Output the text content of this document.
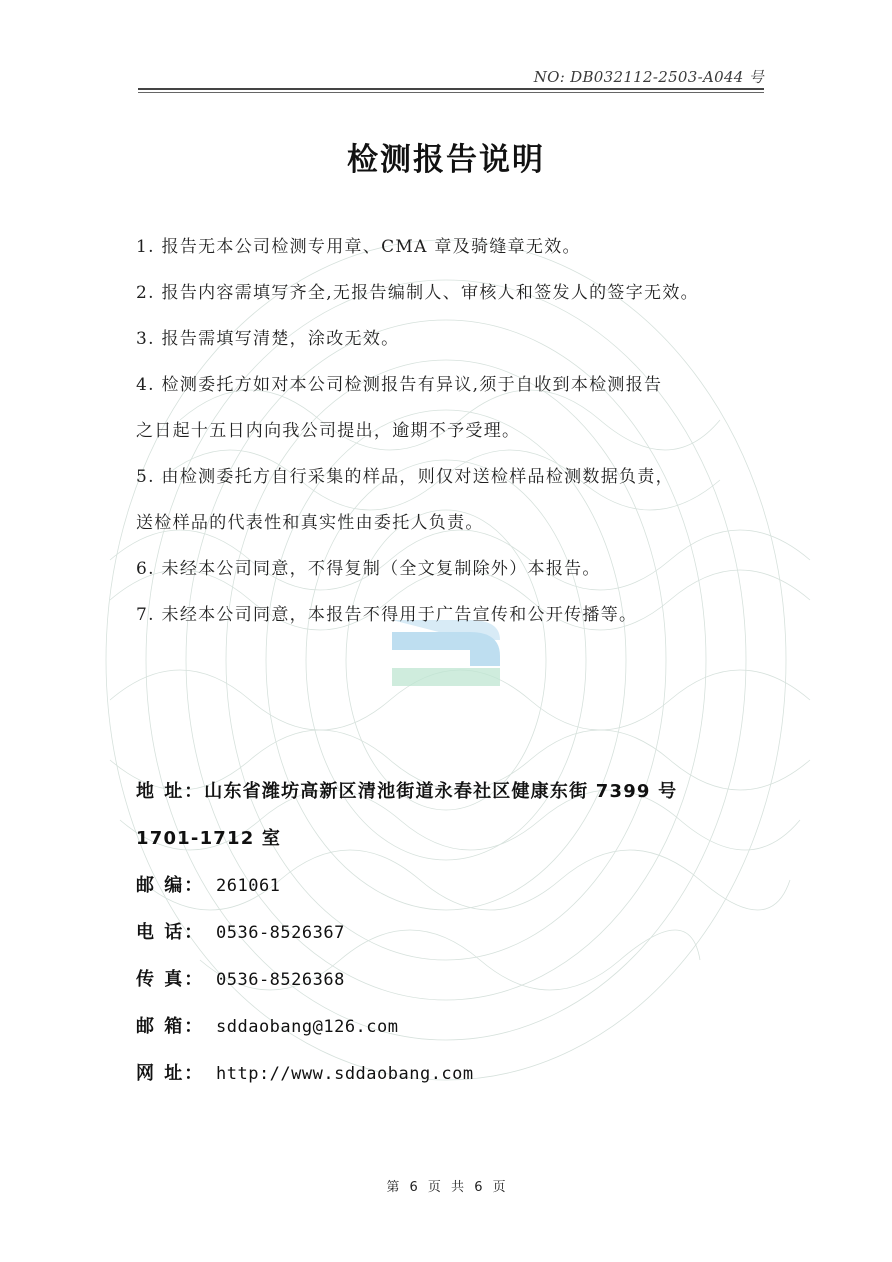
NO: DB032112-2503-A044 号
检测报告说明
1. 报告无本公司检测专用章、CMA 章及骑缝章无效。
2. 报告内容需填写齐全,无报告编制人、审核人和签发人的签字无效。
3. 报告需填写清楚，涂改无效。
4. 检测委托方如对本公司检测报告有异议,须于自收到本检测报告
之日起十五日内向我公司提出，逾期不予受理。
5. 由检测委托方自行采集的样品，则仅对送检样品检测数据负责，
送检样品的代表性和真实性由委托人负责。
6. 未经本公司同意，不得复制（全文复制除外）本报告。
7. 未经本公司同意，本报告不得用于广告宣传和公开传播等。
地 址：山东省潍坊高新区清池街道永春社区健康东街 7399 号
1701-1712 室
邮 编： 261061
电 话： 0536-8526367
传 真： 0536-8526368
邮 箱： sddaobang@126.com
网 址： http://www.sddaobang.com
第 6 页 共 6 页
